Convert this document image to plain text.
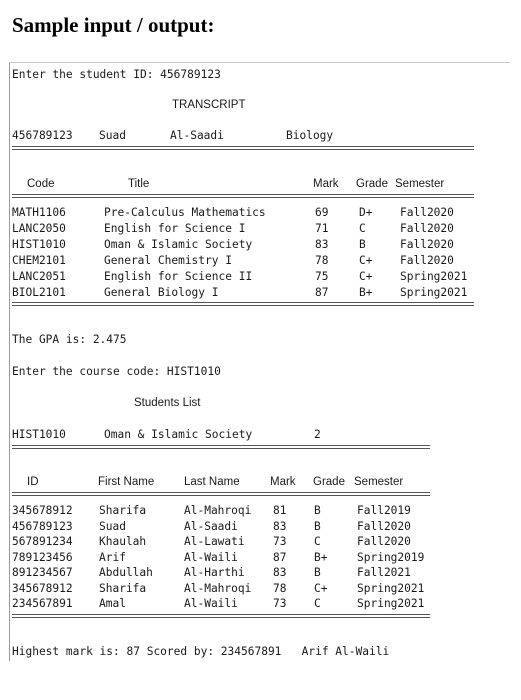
Sample input / output:
Enter the student ID: 456789123
TRANSCRIPT
456789123 Suad	Al-Saadi	Biology
Code	Title	Mark Grade Semester
MATH1106	Pre-Calculus Mathematics	69	D+ Fall2020
LANC2050	English for Science I	71	C	Fall2020
HIST1010	Oman & Islamic Society	83	B	Fall2020
CHEM2101	General Chemistry I	78	C+ Fall2020
LANC2051	English for Science II	75	C+ Spring2021
BIOL2101	General Biology I	87	B+ Spring2021
The GPA is: 2.475
Enter the course code: HIST1010
Students List
HIST1010	Oman & Islamic Society	2
ID	First Name	Last Name	Mark Grade Semester
345678912 Sharifa	Al-Mahroqi 81 B	Fall2019
456789123 Suad	Al-Saadi	83 B	Fall2020
567891234 Khaulah	Al-Lawati	73 C	Fall2020
789123456 Arif	Al-Waili	87 B+	Spring2019
891234567 Abdullah	Al-Harthi	83 B	Fall2021
345678912 Sharifa	Al-Mahroqi 78 C+	Spring2021
234567891 Amal	Al-Waili	73 C	Spring2021
Highest mark is: 87 Scored by: 234567891   Arif Al-Waili
